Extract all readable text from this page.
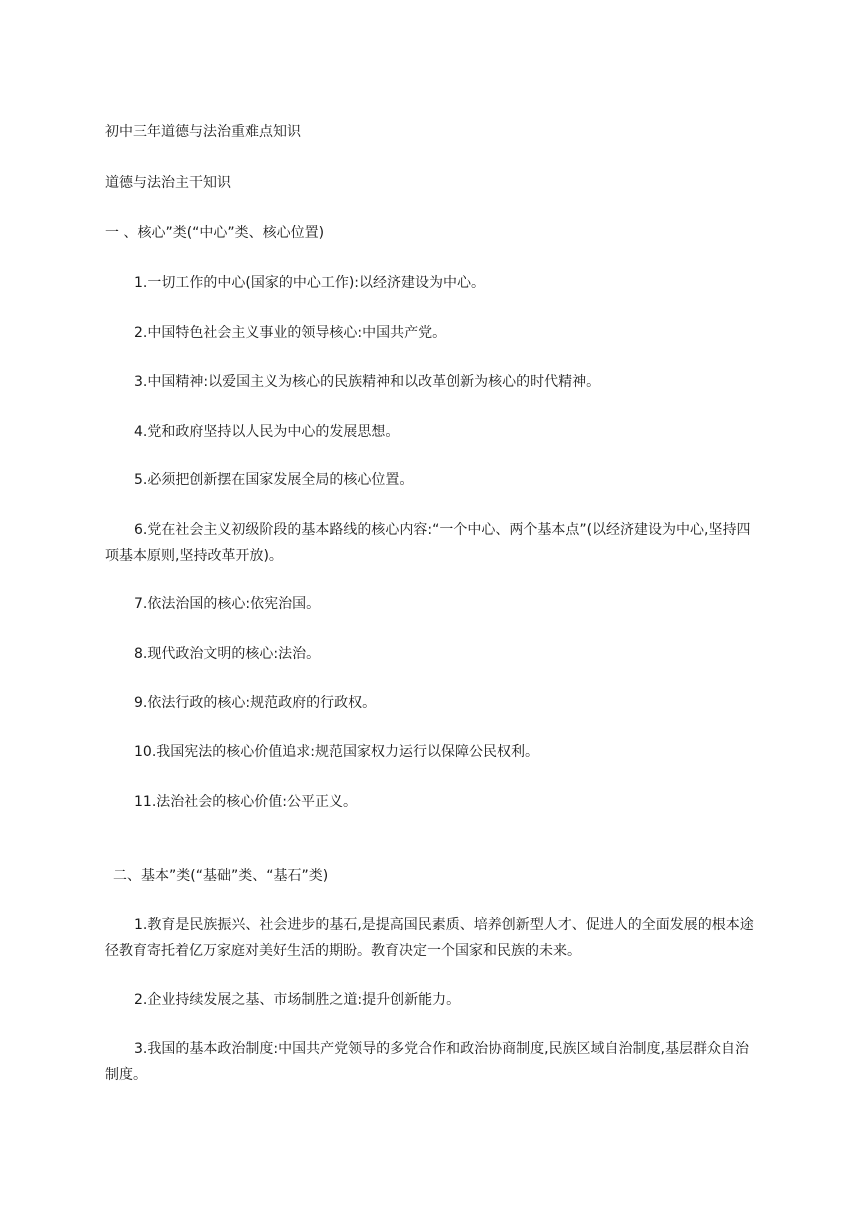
初中三年道德与法治重难点知识
道德与法治主干知识
一 、核心”类(“中心”类、核心位置)
1.一切工作的中心(国家的中心工作):以经济建设为中心。
2.中国特色社会主义事业的领导核心:中国共产党。
3.中国精神:以爱国主义为核心的民族精神和以改革创新为核心的时代精神。
4.党和政府坚持以人民为中心的发展思想。
5.必须把创新摆在国家发展全局的核心位置。
6.党在社会主义初级阶段的基本路线的核心内容:“一个中心、两个基本点”(以经济建设为中心,坚持四项基本原则,坚持改革开放)。
7.依法治国的核心:依宪治国。
8.现代政治文明的核心:法治。
9.依法行政的核心:规范政府的行政权。
10.我国宪法的核心价值追求:规范国家权力运行以保障公民权利。
11.法治社会的核心价值:公平正义。
二、基本”类(“基础”类、“基石”类)
1.教育是民族振兴、社会进步的基石,是提高国民素质、培养创新型人才、促进人的全面发展的根本途径教育寄托着亿万家庭对美好生活的期盼。教育决定一个国家和民族的未来。
2.企业持续发展之基、市场制胜之道:提升创新能力。
3.我国的基本政治制度:中国共产党领导的多党合作和政治协商制度,民族区域自治制度,基层群众自治制度。
